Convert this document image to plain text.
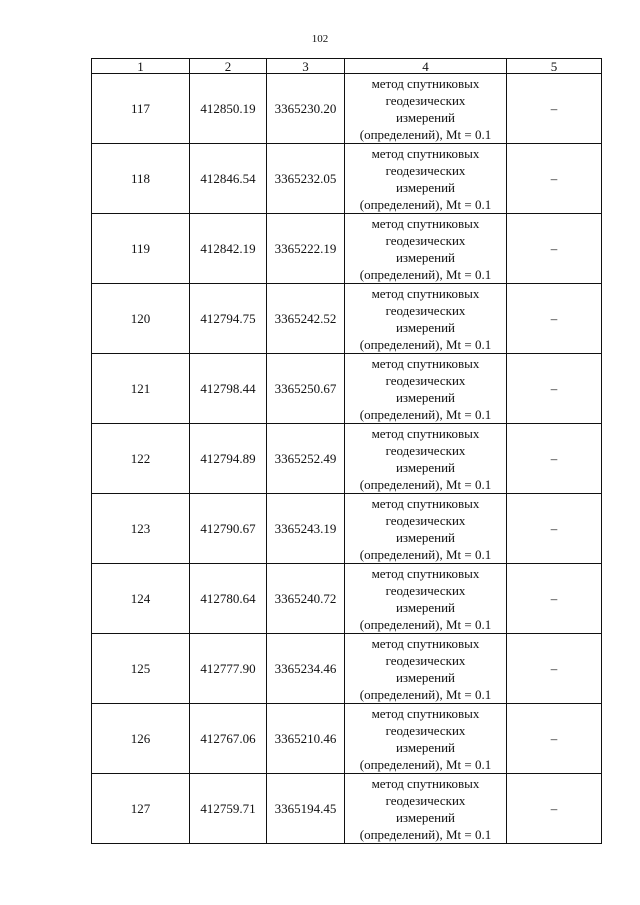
102
1	2	3	4	5
117	412850.19	3365230.20	метод спутниковых
геодезических
измерений
(определений), Mt = 0.1	–
118	412846.54	3365232.05	метод спутниковых
геодезических
измерений
(определений), Mt = 0.1	–
119	412842.19	3365222.19	метод спутниковых
геодезических
измерений
(определений), Mt = 0.1	–
120	412794.75	3365242.52	метод спутниковых
геодезических
измерений
(определений), Mt = 0.1	–
121	412798.44	3365250.67	метод спутниковых
геодезических
измерений
(определений), Mt = 0.1	–
122	412794.89	3365252.49	метод спутниковых
геодезических
измерений
(определений), Mt = 0.1	–
123	412790.67	3365243.19	метод спутниковых
геодезических
измерений
(определений), Mt = 0.1	–
124	412780.64	3365240.72	метод спутниковых
геодезических
измерений
(определений), Mt = 0.1	–
125	412777.90	3365234.46	метод спутниковых
геодезических
измерений
(определений), Mt = 0.1	–
126	412767.06	3365210.46	метод спутниковых
геодезических
измерений
(определений), Mt = 0.1	–
127	412759.71	3365194.45	метод спутниковых
геодезических
измерений
(определений), Mt = 0.1	–
